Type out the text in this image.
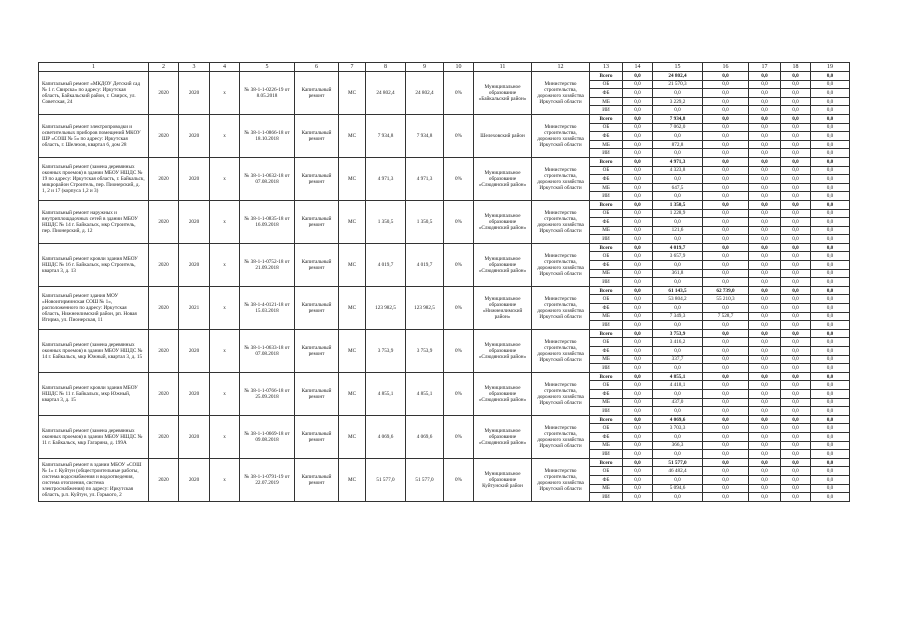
1	2	3	4	5	6	7	8	9	10	11	12	13	14	15	16	17	18	19
Капитальный ремонт «МКДОУ Детский сад № 1 г. Свирска» по адресу: Иркутская область, Байкальский район, г. Свирск, ул. Советская, 24	2020	2020	х	№ 38-1-1-0226-19 от 8.05.2018	Капитальный ремонт	МС	24 802,4	24 802,4	0%	Муниципальное образование «Байкальский район»	Министерство строительства, дорожного хозяйства Иркутской области	Всего	0,0	24 802,4	0,0	0,0	0,0	0,0
												ОБ	0,0	21 570,3	0,0	0,0	0,0	0,0
												ФБ	0,0	0,0	0,0	0,0	0,0	0,0
												МБ	0,0	3 229,2	0,0	0,0	0,0	0,0
												ИИ	0,0	0,0	0,0	0,0	0,0	0,0
Капитальный ремонт электропроводки и осветительных приборов помещений МКОУ ШР «СОШ № 5» по адресу: Иркутская область, г. Шелехов, квартал 6, дом 28	2020	2020	х	№ 38-1-1-0866-18 от 18.10.2018	Капитальный ремонт	МС	7 934,8	7 934,8	0%	Шелеховский район	Министерство строительства, дорожного хозяйства Иркутской области	Всего	0,0	7 934,8	0,0	0,0	0,0	0,0
												ОБ	0,0	7 062,0	0,0	0,0	0,0	0,0
												ФБ	0,0	0,0	0,0	0,0	0,0	0,0
												МБ	0,0	872,8	0,0	0,0	0,0	0,0
												ИИ	0,0	0,0	0,0	0,0	0,0	0,0
Капитальный ремонт (замена деревянных оконных проемов) в здании МБОУ НШДС № 19 по адресу: Иркутская область, г. Байкальск, микрорайон Строитель, пер. Пионерский, д. 1, 2 и 17 (корпуса 1,2 и 3)	2020	2020	х	№ 38-1-1-0632-18 от 07.08.2018	Капитальный ремонт	МС	4 971,3	4 971,3	0%	Муниципальное образование «Слюдянский район»	Министерство строительства, дорожного хозяйства Иркутской области	Всего	0,0	4 971,3	0,0	0,0	0,0	0,0
												ОБ	0,0	4 323,8	0,0	0,0	0,0	0,0
												ФБ	0,0	0,0	0,0	0,0	0,0	0,0
												МБ	0,0	647,5	0,0	0,0	0,0	0,0
												ИИ	0,0	0,0	0,0	0,0	0,0	0,0
Капитальный ремонт наружных и внутриплощадочных сетей в здании МБОУ НШДС № 14 г. Байкальск, мкр Строитель, пер. Пионерский, д. 12	2020	2020	х	№ 38-1-1-0835-18 от 16.09.2018	Капитальный ремонт	МС	1 350,5	1 350,5	0%	Муниципальное образование «Слюдянский район»	Министерство строительства, дорожного хозяйства Иркутской области	Всего	0,0	1 350,5	0,0	0,0	0,0	0,0
												ОБ	0,0	1 228,9	0,0	0,0	0,0	0,0
												ФБ	0,0	0,0	0,0	0,0	0,0	0,0
												МБ	0,0	121,6	0,0	0,0	0,0	0,0
												ИИ	0,0	0,0	0,0	0,0	0,0	0,0
Капитальный ремонт кровли здания МБОУ НШДС № 16 г. Байкальск, мкр Строитель, квартал 3, д. 13	2020	2020	х	№ 38-1-1-0752-18 от 21.09.2018	Капитальный ремонт	МС	4 019,7	4 019,7	0%	Муниципальное образование «Слюдянский район»	Министерство строительства, дорожного хозяйства Иркутской области	Всего	0,0	4 019,7	0,0	0,0	0,0	0,0
												ОБ	0,0	3 657,9	0,0	0,0	0,0	0,0
												ФБ	0,0	0,0	0,0	0,0	0,0	0,0
												МБ	0,0	361,8	0,0	0,0	0,0	0,0
												ИИ	0,0	0,0	0,0	0,0	0,0	0,0
Капитальный ремонт здания МОУ «Новоигирминская СОШ № 1», расположенного по адресу: Иркутская область, Нижнеилимский район, рп. Новая Игирма, ул. Пионерская, 11	2020	2021	х	№ 38-1-4-0121-18 от 15.03.2018	Капитальный ремонт	МС	123 982,5	123 982,5	0%	Муниципальное образование «Нижнеилимский район»	Министерство строительства, дорожного хозяйства Иркутской области	Всего	0,0	61 143,5	62 739,0	0,0	0,0	0,0
												ОБ	0,0	53 804,2	55 210,3	0,0	0,0	0,0
												ФБ	0,0	0,0	0,0	0,0	0,0	0,0
												МБ	0,0	7 349,3	7 528,7	0,0	0,0	0,0
												ИИ	0,0	0,0	0,0	0,0	0,0	0,0
Капитальный ремонт (замена деревянных оконных проемов) в здании МБОУ НШДС № 14 г. Байкальск, мкр Южный, квартал 3, д. 15	2020	2020	х	№ 38-1-1-0633-18 от 07.08.2018	Капитальный ремонт	МС	3 753,9	3 753,9	0%	Муниципальное образование «Слюдянский район»	Министерство строительства, дорожного хозяйства Иркутской области	Всего	0,0	3 753,9	0,0	0,0	0,0	0,0
												ОБ	0,0	3 416,2	0,0	0,0	0,0	0,0
												ФБ	0,0	0,0	0,0	0,0	0,0	0,0
												МБ	0,0	337,7	0,0	0,0	0,0	0,0
												ИИ	0,0	0,0	0,0	0,0	0,0	0,0
Капитальный ремонт кровли здания МБОУ НШДС № 11 г. Байкальск, мкр Южный, квартал 3, д. 15	2020	2020	х	№ 38-1-1-0766-18 от 25.09.2018	Капитальный ремонт	МС	4 855,1	4 855,1	0%	Муниципальное образование «Слюдянский район»	Министерство строительства, дорожного хозяйства Иркутской области	Всего	0,0	4 855,1	0,0	0,0	0,0	0,0
												ОБ	0,0	4 418,1	0,0	0,0	0,0	0,0
												ФБ	0,0	0,0	0,0	0,0	0,0	0,0
												МБ	0,0	437,0	0,0	0,0	0,0	0,0
												ИИ	0,0	0,0	0,0	0,0	0,0	0,0
Капитальный ремонт (замена деревянных оконных проемов) в здании МБОУ НШДС № 11 г. Байкальск, мкр Гагарина, д. 199А	2020	2020	х	№ 38-1-1-0669-18 от 09.08.2018	Капитальный ремонт	МС	4 069,6	4 069,6	0%	Муниципальное образование «Слюдянский район»	Министерство строительства, дорожного хозяйства Иркутской области	Всего	0,0	4 069,6	0,0	0,0	0,0	0,0
												ОБ	0,0	3 703,3	0,0	0,0	0,0	0,0
												ФБ	0,0	0,0	0,0	0,0	0,0	0,0
												МБ	0,0	366,3	0,0	0,0	0,0	0,0
												ИИ	0,0	0,0	0,0	0,0	0,0	0,0
Капитальный ремонт в здании МБОУ «СОШ № 1» г. Куйтун (общестроительные работы, система водоснабжения и водоотведения, система отопления, система электроснабжения) по адресу: Иркутская область, р.п. Куйтун, ул. Горького, 2	2020	2020	х	№ 38-1-1-0791-19 от 22.07.2019	Капитальный ремонт	МС	51 577,0	51 577,0	0%	Муниципальное образование Куйтунский район	Министерство строительства, дорожного хозяйства Иркутской области	Всего	0,0	51 577,0	0,0	0,0	0,0	0,0
												ОБ	0,0	46 482,4	0,0	0,0	0,0	0,0
												ФБ	0,0	0,0	0,0	0,0	0,0	0,0
												МБ	0,0	5 094,6	0,0	0,0	0,0	0,0
												ИИ	0,0	0,0	0,0	0,0	0,0	0,0
